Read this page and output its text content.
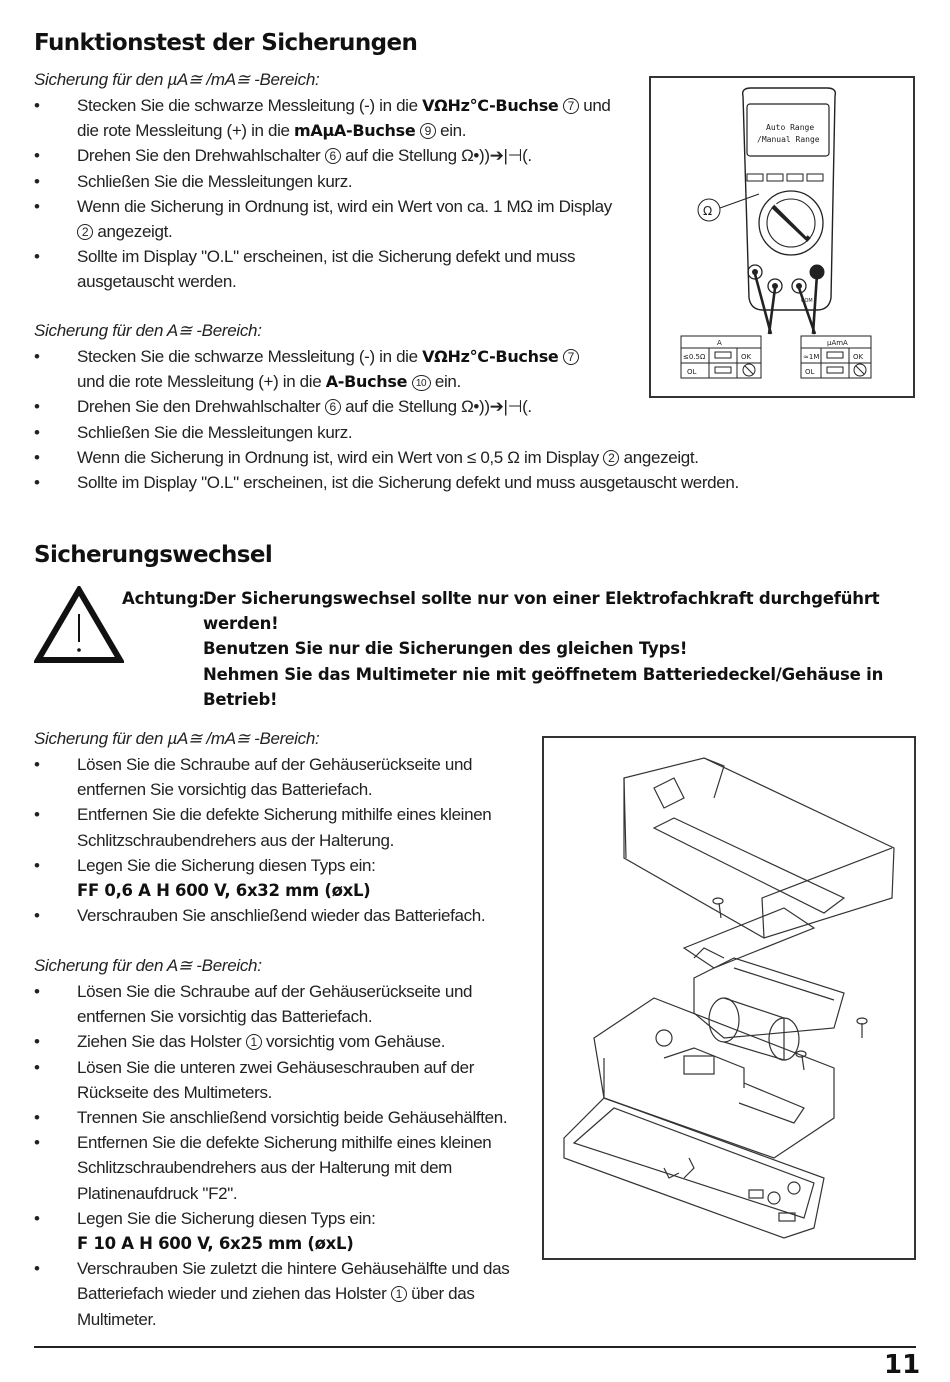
Funktionstest der Sicherungen
Sicherung für den µA≅ /mA≅ -Bereich:
• Stecken Sie die schwarze Messleitung (-) in die VΩHz°C-Buchse 7 und die rote Messleitung (+) in die mAµA-Buchse 9 ein.
• Drehen Sie den Drehwahlschalter 6 auf die Stellung Ω•))➔|⊣(.
• Schließen Sie die Messleitungen kurz.
• Wenn die Sicherung in Ordnung ist, wird ein Wert von ca. 1 MΩ im Display 2 angezeigt.
• Sollte im Display "O.L" erscheinen, ist die Sicherung defekt und muss ausgetauscht werden.
Sicherung für den A≅ -Bereich:
• Stecken Sie die schwarze Messleitung (-) in die VΩHz°C-Buchse 7 und die rote Messleitung (+) in die A-Buchse 10 ein.
• Drehen Sie den Drehwahlschalter 6 auf die Stellung Ω•))➔|⊣(.
• Schließen Sie die Messleitungen kurz.
• Wenn die Sicherung in Ordnung ist, wird ein Wert von ≤ 0,5 Ω im Display 2 angezeigt.
• Sollte im Display "O.L" erscheinen, ist die Sicherung defekt und muss ausgetauscht werden.
Auto Range
/Manual Range
Ω
COM
A
≤0.5Ω	OK
OL
µAmA
≈1M	OK
OL
Sicherungswechsel
Achtung:
Der Sicherungswechsel sollte nur von einer Elektrofachkraft durchgeführt werden!
Benutzen Sie nur die Sicherungen des gleichen Typs!
Nehmen Sie das Multimeter nie mit geöffnetem Batteriedeckel/Gehäuse in Betrieb!
Sicherung für den µA≅ /mA≅ -Bereich:
• Lösen Sie die Schraube auf der Gehäuserückseite und entfernen Sie vorsichtig das Batteriefach.
• Entfernen Sie die defekte Sicherung mithilfe eines kleinen Schlitzschraubendrehers aus der Halterung.
• Legen Sie die Sicherung diesen Typs ein:
FF 0,6 A H 600 V, 6x32 mm (øxL)
• Verschrauben Sie anschließend wieder das Batteriefach.
Sicherung für den A≅ -Bereich:
• Lösen Sie die Schraube auf der Gehäuserückseite und entfernen Sie vorsichtig das Batteriefach.
• Ziehen Sie das Holster 1 vorsichtig vom Gehäuse.
• Lösen Sie die unteren zwei Gehäuseschrauben auf der Rückseite des Multimeters.
• Trennen Sie anschließend vorsichtig beide Gehäusehälften.
• Entfernen Sie die defekte Sicherung mithilfe eines kleinen Schlitzschraubendrehers aus der Halterung mit dem Platinenaufdruck "F2".
• Legen Sie die Sicherung diesen Typs ein:
F 10 A H 600 V, 6x25 mm (øxL)
• Verschrauben Sie zuletzt die hintere Gehäusehälfte und das Batteriefach wieder und ziehen das Holster 1 über das Multimeter.
11
